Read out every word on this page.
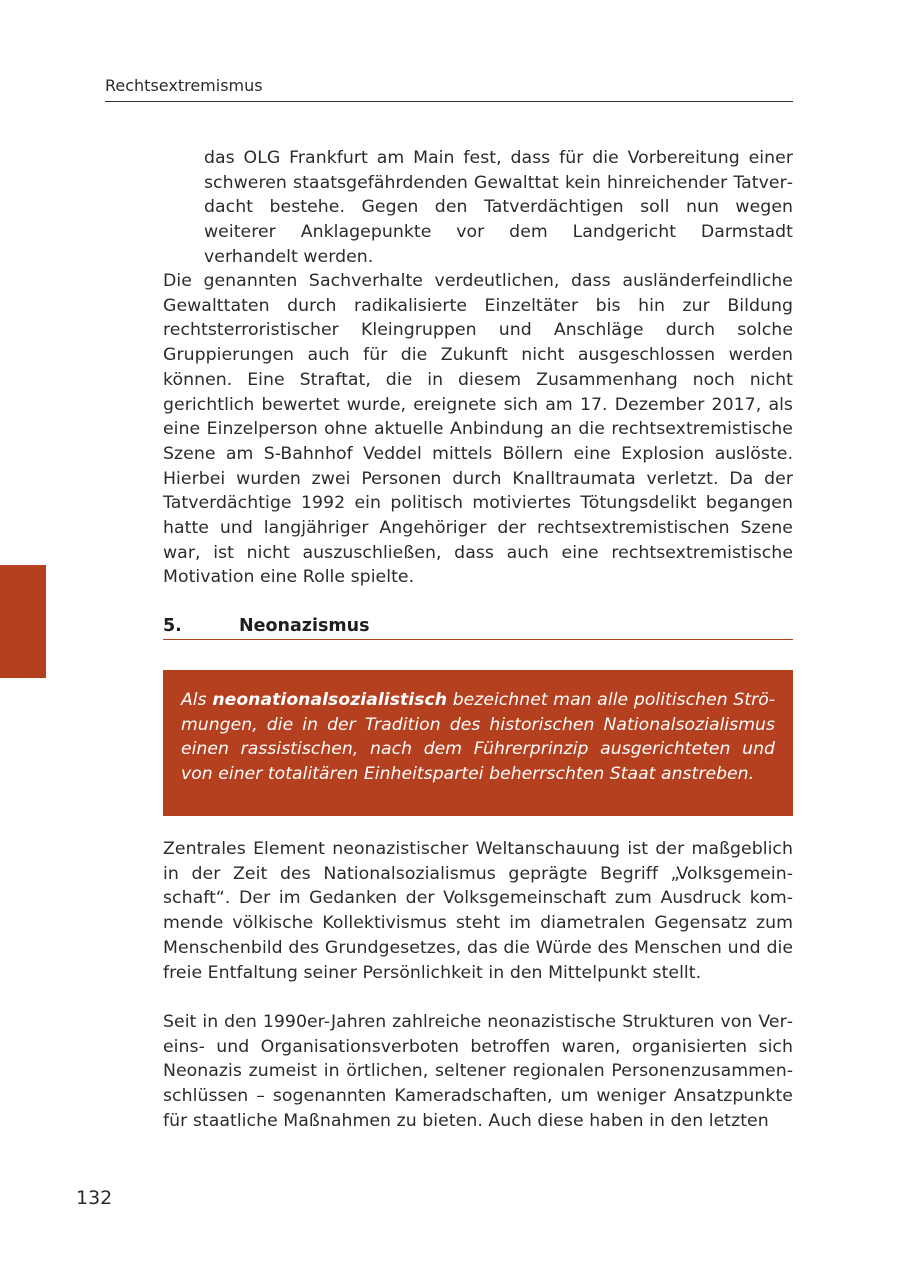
Rechtsextremismus

das OLG Frankfurt am Main fest, dass für die Vorbereitung einer schweren staatsgefährdenden Gewalttat kein hinreichender Tatverdacht bestehe. Gegen den Tatverdächtigen soll nun wegen weiterer Anklagepunkte vor dem Landgericht Darmstadt verhandelt werden.

Die genannten Sachverhalte verdeutlichen, dass ausländerfeindliche Gewalttaten durch radikalisierte Einzeltäter bis hin zur Bildung rechtsterroristischer Kleingruppen und Anschläge durch solche Gruppierungen auch für die Zukunft nicht ausgeschlossen werden können. Eine Straftat, die in diesem Zusammenhang noch nicht gerichtlich bewertet wurde, ereignete sich am 17. Dezember 2017, als eine Einzelperson ohne aktuelle Anbindung an die rechtsextremistische Szene am S-Bahnhof Veddel mittels Böllern eine Explosion auslöste. Hierbei wurden zwei Personen durch Knalltraumata verletzt. Da der Tatverdächtige 1992 ein politisch motiviertes Tötungsdelikt begangen hatte und langjähriger Angehöriger der rechtsextremistischen Szene war, ist nicht auszuschließen, dass auch eine rechtsextremistische Motivation eine Rolle spielte.

5.	Neonazismus
Als neonationalsozialistisch bezeichnet man alle politischen Strömungen, die in der Tradition des historischen Nationalsozialismus einen rassistischen, nach dem Führerprinzip ausgerichteten und von einer totalitären Einheitspartei beherrschten Staat anstreben.

Zentrales Element neonazistischer Weltanschauung ist der maßgeblich in der Zeit des Nationalsozialismus geprägte Begriff „Volksgemeinschaft“. Der im Gedanken der Volksgemeinschaft zum Ausdruck kommende völkische Kollektivismus steht im diametralen Gegensatz zum Menschenbild des Grundgesetzes, das die Würde des Menschen und die freie Entfaltung seiner Persönlichkeit in den Mittelpunkt stellt.

Seit in den 1990er-Jahren zahlreiche neonazistische Strukturen von Vereins- und Organisationsverboten betroffen waren, organisierten sich Neonazis zumeist in örtlichen, seltener regionalen Personenzusammenschlüssen – sogenannten Kameradschaften, um weniger Ansatzpunkte für staatliche Maßnahmen zu bieten. Auch diese haben in den letzten

132
